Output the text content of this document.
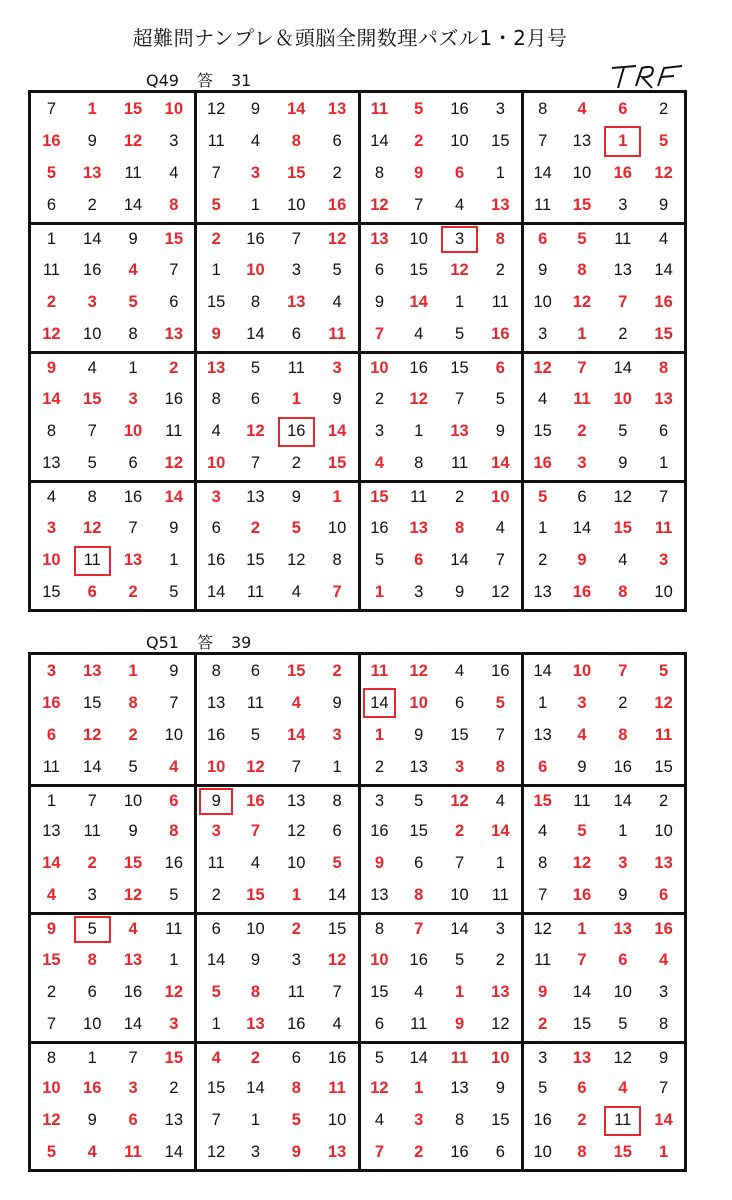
超難問ナンプレ＆頭脳全開数理パズル1・2月号
Q49 答 31
7	1	15	10	12	9	14	13	11	5	16	3	8	4	6	2
16	9	12	3	11	4	8	6	14	2	10	15	7	13	1	5
5	13	11	4	7	3	15	2	8	9	6	1	14	10	16	12
6	2	14	8	5	1	10	16	12	7	4	13	11	15	3	9
1	14	9	15	2	16	7	12	13	10	3	8	6	5	11	4
11	16	4	7	1	10	3	5	6	15	12	2	9	8	13	14
2	3	5	6	15	8	13	4	9	14	1	11	10	12	7	16
12	10	8	13	9	14	6	11	7	4	5	16	3	1	2	15
9	4	1	2	13	5	11	3	10	16	15	6	12	7	14	8
14	15	3	16	8	6	1	9	2	12	7	5	4	11	10	13
8	7	10	11	4	12	16	14	3	1	13	9	15	2	5	6
13	5	6	12	10	7	2	15	4	8	11	14	16	3	9	1
4	8	16	14	3	13	9	1	15	11	2	10	5	6	12	7
3	12	7	9	6	2	5	10	16	13	8	4	1	14	15	11
10	11	13	1	16	15	12	8	5	6	14	7	2	9	4	3
15	6	2	5	14	11	4	7	1	3	9	12	13	16	8	10
Q51 答 39
3	13	1	9	8	6	15	2	11	12	4	16	14	10	7	5
16	15	8	7	13	11	4	9	14	10	6	5	1	3	2	12
6	12	2	10	16	5	14	3	1	9	15	7	13	4	8	11
11	14	5	4	10	12	7	1	2	13	3	8	6	9	16	15
1	7	10	6	9	16	13	8	3	5	12	4	15	11	14	2
13	11	9	8	3	7	12	6	16	15	2	14	4	5	1	10
14	2	15	16	11	4	10	5	9	6	7	1	8	12	3	13
4	3	12	5	2	15	1	14	13	8	10	11	7	16	9	6
9	5	4	11	6	10	2	15	8	7	14	3	12	1	13	16
15	8	13	1	14	9	3	12	10	16	5	2	11	7	6	4
2	6	16	12	5	8	11	7	15	4	1	13	9	14	10	3
7	10	14	3	1	13	16	4	6	11	9	12	2	15	5	8
8	1	7	15	4	2	6	16	5	14	11	10	3	13	12	9
10	16	3	2	15	14	8	11	12	1	13	9	5	6	4	7
12	9	6	13	7	1	5	10	4	3	8	15	16	2	11	14
5	4	11	14	12	3	9	13	7	2	16	6	10	8	15	1
